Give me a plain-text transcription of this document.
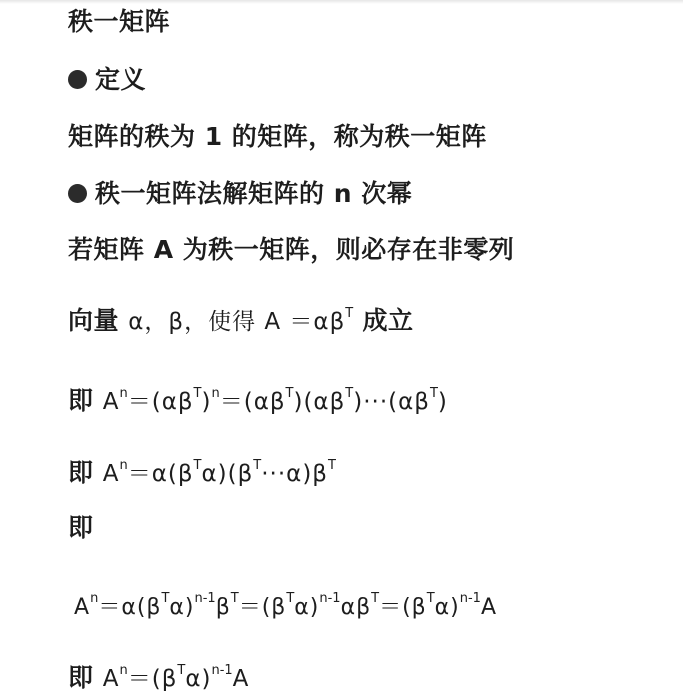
秩一矩阵
定义
矩阵的秩为 1 的矩阵，称为秩一矩阵
秩一矩阵法解矩阵的 n 次幂
若矩阵 A 为秩一矩阵，则必存在非零列
向量 α，β，使得 $A =\alpha\beta^T$ 成立
即 $A^n=(\alpha\beta^T)^n=(\alpha\beta^T)(\alpha\beta^T)\cdot\cdot\cdot(\alpha\beta^T)$
即 $A^n=\alpha(\beta^T\alpha)(\beta^T\cdot\cdot\cdot\alpha)\beta^T$
即
$A^n=\alpha(\beta^T\alpha)^{n-1}\beta^T=(\beta^T\alpha)^{n-1}\alpha\beta^T=(\beta^T\alpha)^{n-1}A$
即 $A^n=(\beta^T\alpha)^{n-1}A$
